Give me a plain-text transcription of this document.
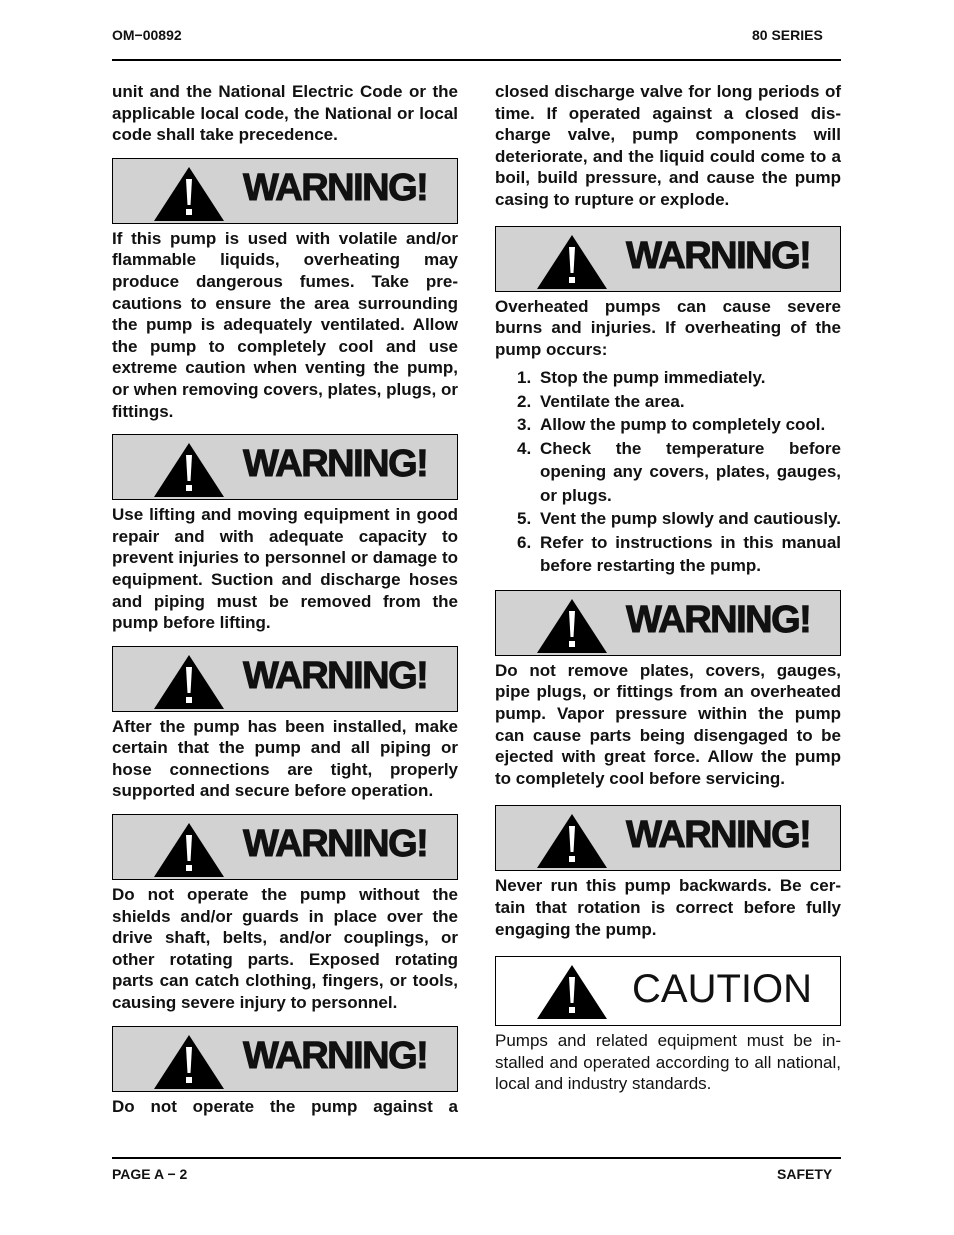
OM−00892	80 SERIES

unit and the National Electric Code or the applicable local code, the National or local code shall take precedence.

WARNING!

If this pump is used with volatile and/or flammable liquids, overheating may produce dangerous fumes. Take precautions to ensure the area surrounding the pump is adequately ventilated. Allow the pump to completely cool and use extreme caution when venting the pump, or when removing covers, plates, plugs, or fittings.

WARNING!

Use lifting and moving equipment in good repair and with adequate capacity to prevent injuries to personnel or damage to equipment. Suction and discharge hoses and piping must be removed from the pump before lifting.

WARNING!

After the pump has been installed, make certain that the pump and all piping or hose connections are tight, properly supported and secure before operation.

WARNING!

Do not operate the pump without the shields and/or guards in place over the drive shaft, belts, and/or couplings, or other rotating parts. Exposed rotating parts can catch clothing, fingers, or tools, causing severe injury to personnel.

WARNING!

Do not operate the pump against a

closed discharge valve for long periods of time. If operated against a closed discharge valve, pump components will deteriorate, and the liquid could come to a boil, build pressure, and cause the pump casing to rupture or explode.

WARNING!

Overheated pumps can cause severe burns and injuries. If overheating of the pump occurs:

1. Stop the pump immediately.
2. Ventilate the area.
3. Allow the pump to completely cool.
4. Check the temperature before opening any covers, plates, gauges, or plugs.
5. Vent the pump slowly and cautiously.
6. Refer to instructions in this manual before restarting the pump.
WARNING!

Do not remove plates, covers, gauges, pipe plugs, or fittings from an overheated pump. Vapor pressure within the pump can cause parts being disengaged to be ejected with great force. Allow the pump to completely cool before servicing.

WARNING!

Never run this pump backwards. Be certain that rotation is correct before fully engaging the pump.

CAUTION

Pumps and related equipment must be installed and operated according to all national, local and industry standards.

PAGE A − 2	SAFETY
